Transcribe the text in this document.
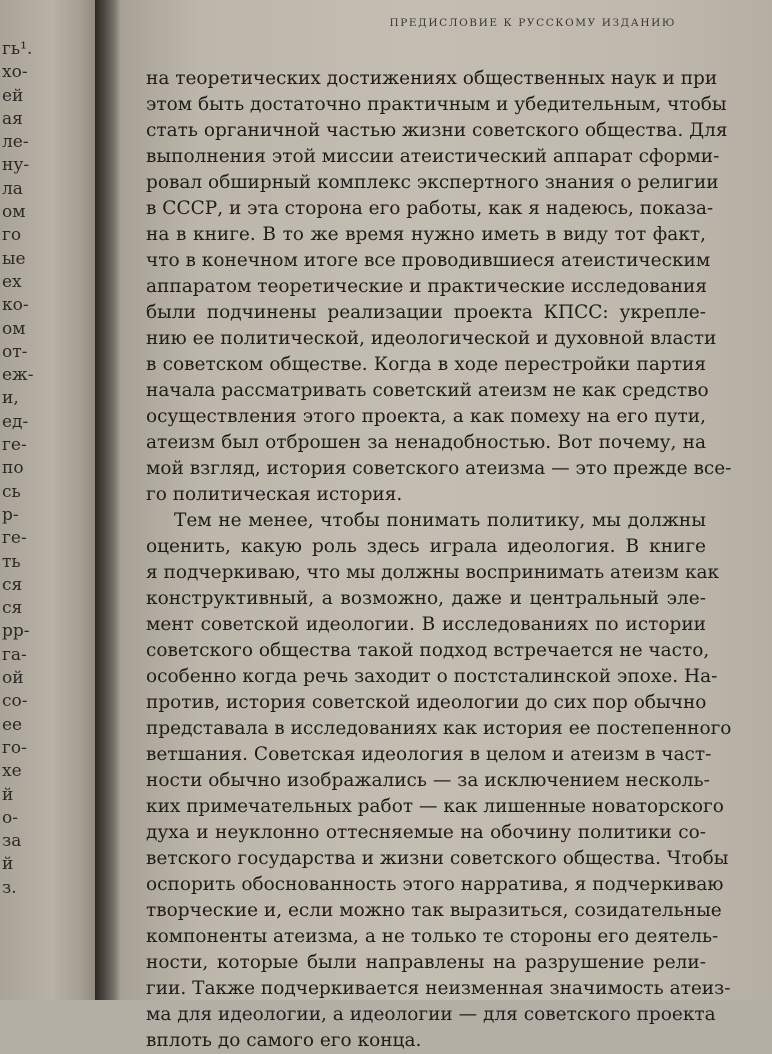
гь¹.
хо-
ей
ая
ле-
ну-
ла
ом
го
ые
ех
ко-
ом
от-
еж-
и,
ед-
ге-
по
сь
р-
ге-
ть
ся
ся
рр-
га-
ой
со-
ее
го-
хе
й
о-
за
й
з.
ПРЕДИСЛОВИЕ К РУССКОМУ ИЗДАНИЮ
на теоретических достижениях общественных наук и при
этом быть достаточно практичным и убедительным, чтобы
стать органичной частью жизни советского общества. Для
выполнения этой миссии атеистический аппарат сформи-
ровал обширный комплекс экспертного знания о религии
в СССР, и эта сторона его работы, как я надеюсь, показа-
на в книге. В то же время нужно иметь в виду тот факт,
что в конечном итоге все проводившиеся атеистическим
аппаратом теоретические и практические исследования
были подчинены реализации проекта КПСС: укрепле-
нию ее политической, идеологической и духовной власти
в советском обществе. Когда в ходе перестройки партия
начала рассматривать советский атеизм не как средство
осуществления этого проекта, а как помеху на его пути,
атеизм был отброшен за ненадобностью. Вот почему, на
мой взгляд, история советского атеизма — это прежде все-
го политическая история.
Тем не менее, чтобы понимать политику, мы должны
оценить, какую роль здесь играла идеология. В книге
я подчеркиваю, что мы должны воспринимать атеизм как
конструктивный, а возможно, даже и центральный эле-
мент советской идеологии. В исследованиях по истории
советского общества такой подход встречается не часто,
особенно когда речь заходит о постсталинской эпохе. На-
против, история советской идеологии до сих пор обычно
представала в исследованиях как история ее постепенного
ветшания. Советская идеология в целом и атеизм в част-
ности обычно изображались — за исключением несколь-
ких примечательных работ — как лишенные новаторского
духа и неуклонно оттесняемые на обочину политики со-
ветского государства и жизни советского общества. Чтобы
оспорить обоснованность этого нарратива, я подчеркиваю
творческие и, если можно так выразиться, созидательные
компоненты атеизма, а не только те стороны его деятель-
ности, которые были направлены на разрушение рели-
гии. Также подчеркивается неизменная значимость атеиз-
ма для идеологии, а идеологии — для советского проекта
вплоть до самого его конца.
